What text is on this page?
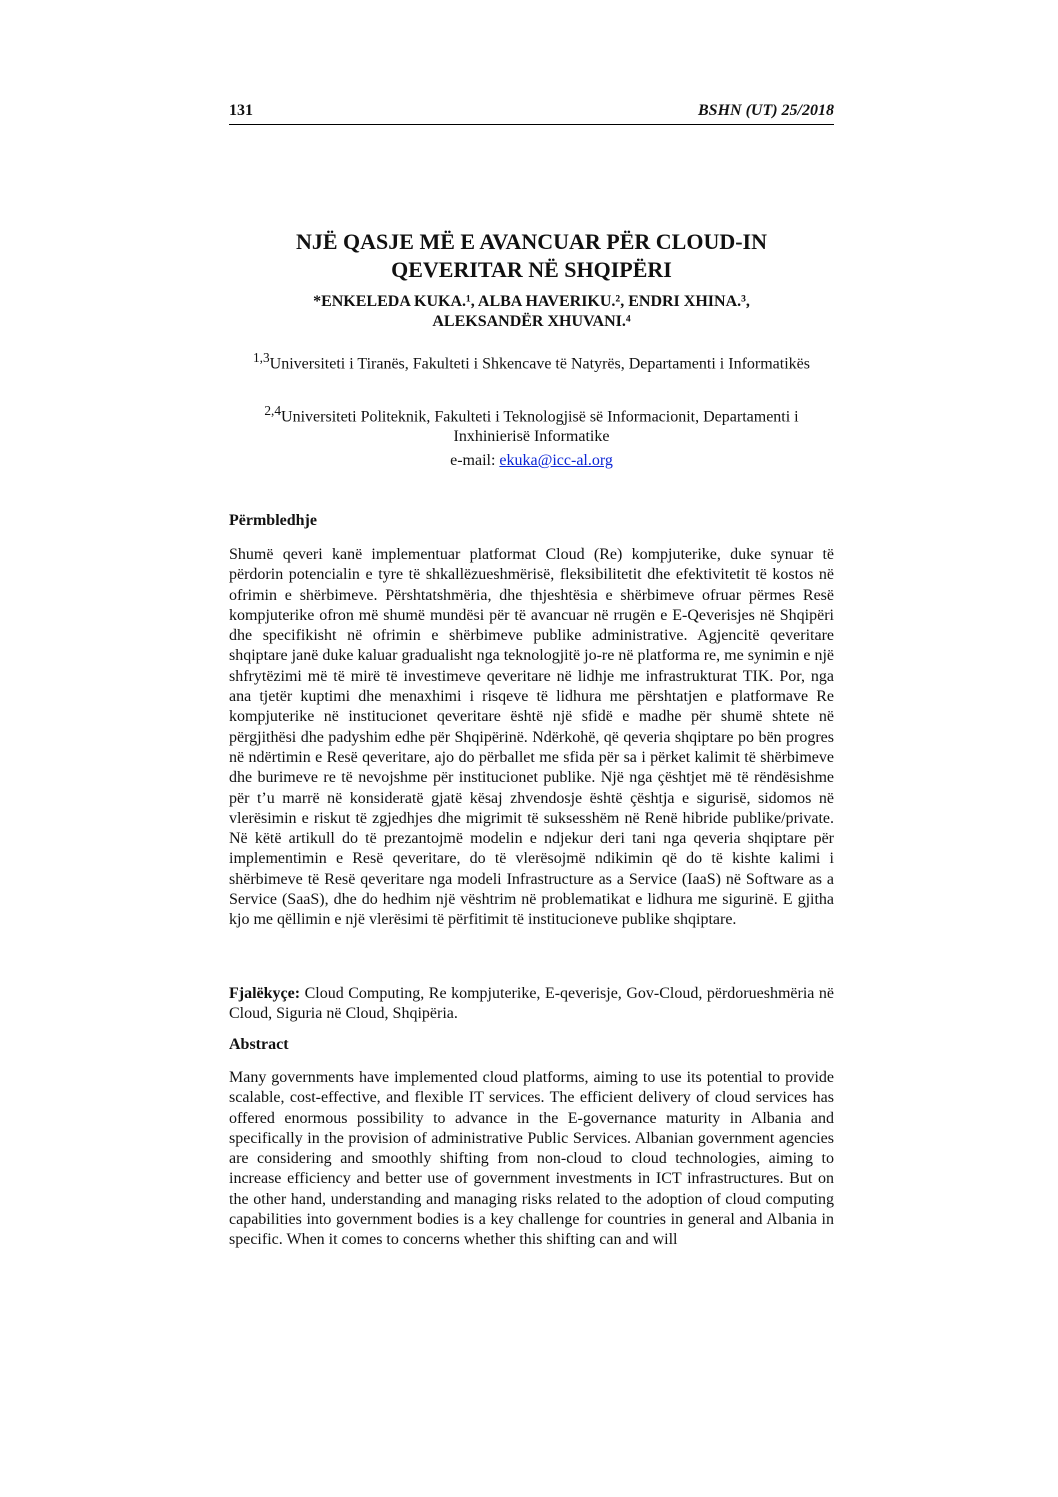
131	BSHN (UT) 25/2018
NJË QASJE MË E AVANCUAR PËR CLOUD-IN QEVERITAR NË SHQIPËRI
*ENKELEDA KUKA.¹, ALBA HAVERIKU.², ENDRI XHINA.³,
ALEKSANDËR XHUVANI.⁴
$^{1,3}$Universiteti i Tiranës, Fakulteti i Shkencave të Natyrës, Departamenti i Informatikës
$^{2,4}$Universiteti Politeknik, Fakulteti i Teknologjisë së Informacionit, Departamenti i Inxhinierisë Informatike
e-mail: ekuka@icc-al.org
Përmbledhje

Shumë qeveri kanë implementuar platformat Cloud (Re) kompjuterike, duke synuar të përdorin potencialin e tyre të shkallëzueshmërisë, fleksibilitetit dhe efektivitetit të kostos në ofrimin e shërbimeve. Përshtatshmëria, dhe thjeshtësia e shërbimeve ofruar përmes Resë kompjuterike ofron më shumë mundësi për të avancuar në rrugën e E-Qeverisjes në Shqipëri dhe specifikisht në ofrimin e shërbimeve publike administrative. Agjencitë qeveritare shqiptare janë duke kaluar gradualisht nga teknologjitë jo-re në platforma re, me synimin e një shfrytëzimi më të mirë të investimeve qeveritare në lidhje me infrastrukturat TIK. Por, nga ana tjetër kuptimi dhe menaxhimi i risqeve të lidhura me përshtatjen e platformave Re kompjuterike në institucionet qeveritare është një sfidë e madhe për shumë shtete në përgjithësi dhe padyshim edhe për Shqipërinë. Ndërkohë, që qeveria shqiptare po bën progres në ndërtimin e Resë qeveritare, ajo do përballet me sfida për sa i përket kalimit të shërbimeve dhe burimeve re të nevojshme për institucionet publike. Një nga çështjet më të rëndësishme për t’u marrë në konsideratë gjatë kësaj zhvendosje është çështja e sigurisë, sidomos në vlerësimin e riskut të zgjedhjes dhe migrimit të suksesshëm në Renë hibride publike/private. Në këtë artikull do të prezantojmë modelin e ndjekur deri tani nga qeveria shqiptare për implementimin e Resë qeveritare, do të vlerësojmë ndikimin që do të kishte kalimi i shërbimeve të Resë qeveritare nga modeli Infrastructure as a Service (IaaS) në Software as a Service (SaaS), dhe do hedhim një vështrim në problematikat e lidhura me sigurinë. E gjitha kjo me qëllimin e një vlerësimi të përfitimit të institucioneve publike shqiptare.

Fjalëkyçe: Cloud Computing, Re kompjuterike, E-qeverisje, Gov-Cloud, përdorueshmëria në Cloud, Siguria në Cloud, Shqipëria.

Abstract

Many governments have implemented cloud platforms, aiming to use its potential to provide scalable, cost-effective, and flexible IT services. The efficient delivery of cloud services has offered enormous possibility to advance in the E-governance maturity in Albania and specifically in the provision of administrative Public Services. Albanian government agencies are considering and smoothly shifting from non-cloud to cloud technologies, aiming to increase efficiency and better use of government investments in ICT infrastructures. But on the other hand, understanding and managing risks related to the adoption of cloud computing capabilities into government bodies is a key challenge for countries in general and Albania in specific. When it comes to concerns whether this shifting can and will
